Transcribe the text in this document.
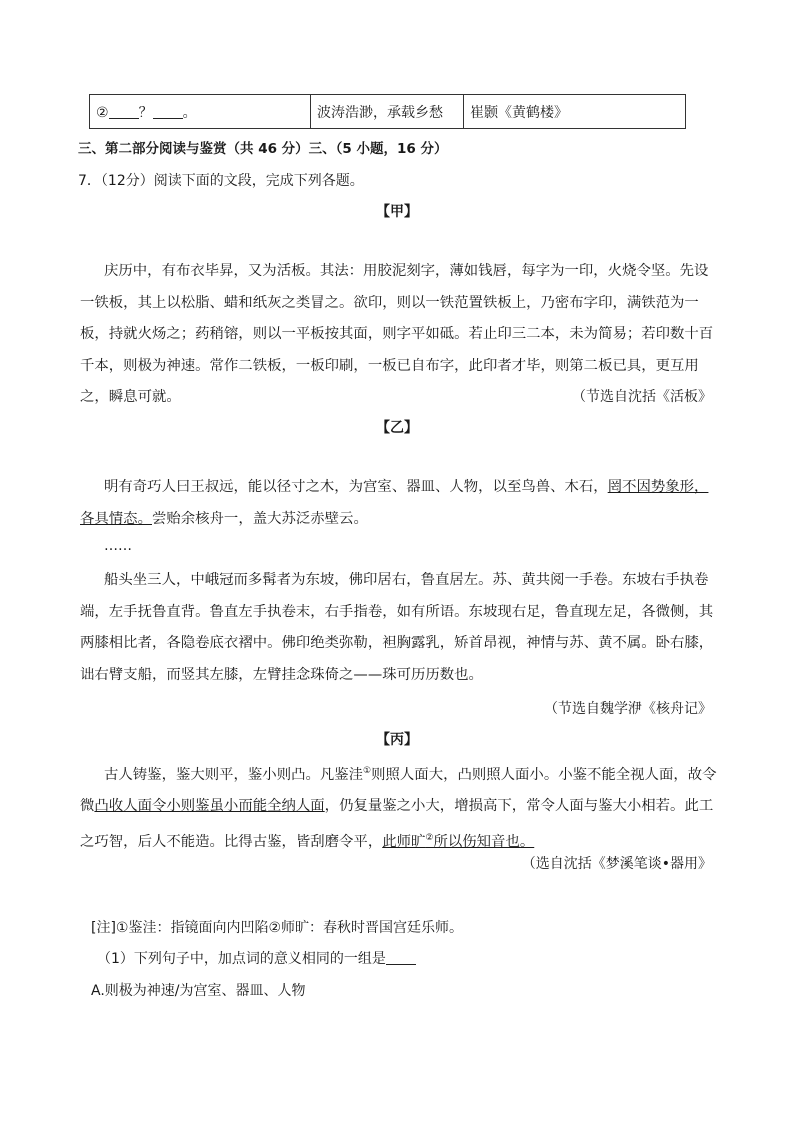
② ？ 。	波涛浩渺，承载乡愁	崔颢《黄鹤楼》
三、第二部分阅读与鉴赏（共 46 分）三、（5 小题，16 分）
7．（12分）阅读下面的文段，完成下列各题。
【甲】
庆历中，有布衣毕昇，又为活板。其法：用胶泥刻字，薄如钱唇，每字为一印，火烧令坚。先设一铁板，其上以松脂、蜡和纸灰之类冒之。欲印，则以一铁范置铁板上，乃密布字印，满铁范为一板，持就火炀之；药稍镕，则以一平板按其面，则字平如砥。若止印三二本，未为简易；若印数十百千本，则极为神速。常作二铁板，一板印刷，一板已自布字，此印者才毕，则第二板已具，更互用之，瞬息可就。	（节选自沈括《活板》
【乙】
明有奇巧人曰王叔远，能以径寸之木，为宫室、器皿、人物，以至鸟兽、木石，罔不因势象形，各具情态。尝贻余核舟一，盖大苏泛赤壁云。
……
船头坐三人，中峨冠而多髯者为东坡，佛印居右，鲁直居左。苏、黄共阅一手卷。东坡右手执卷端，左手抚鲁直背。鲁直左手执卷末，右手指卷，如有所语。东坡现右足，鲁直现左足，各微侧，其两膝相比者，各隐卷底衣褶中。佛印绝类弥勒，袒胸露乳，矫首昂视，神情与苏、黄不属。卧右膝，诎右臂支船，而竖其左膝，左臂挂念珠倚之——珠可历历数也。
（节选自魏学洢《核舟记》
【丙】
古人铸鉴，鉴大则平，鉴小则凸。凡鉴洼①则照人面大，凸则照人面小。小鉴不能全视人面，故令微凸收人面令小则鉴虽小而能全纳人面，仍复量鉴之小大，增损高下，常令人面与鉴大小相若。此工之巧智，后人不能造。比得古鉴，皆刮磨令平，此师旷②所以伤知音也。
（选自沈括《梦溪笔谈•器用》
[注]①鉴洼：指镜面向内凹陷②师旷：春秋时晋国宫廷乐师。
（1）下列句子中，加点词的意义相同的一组是
A.则极为神速/为宫室、器皿、人物
